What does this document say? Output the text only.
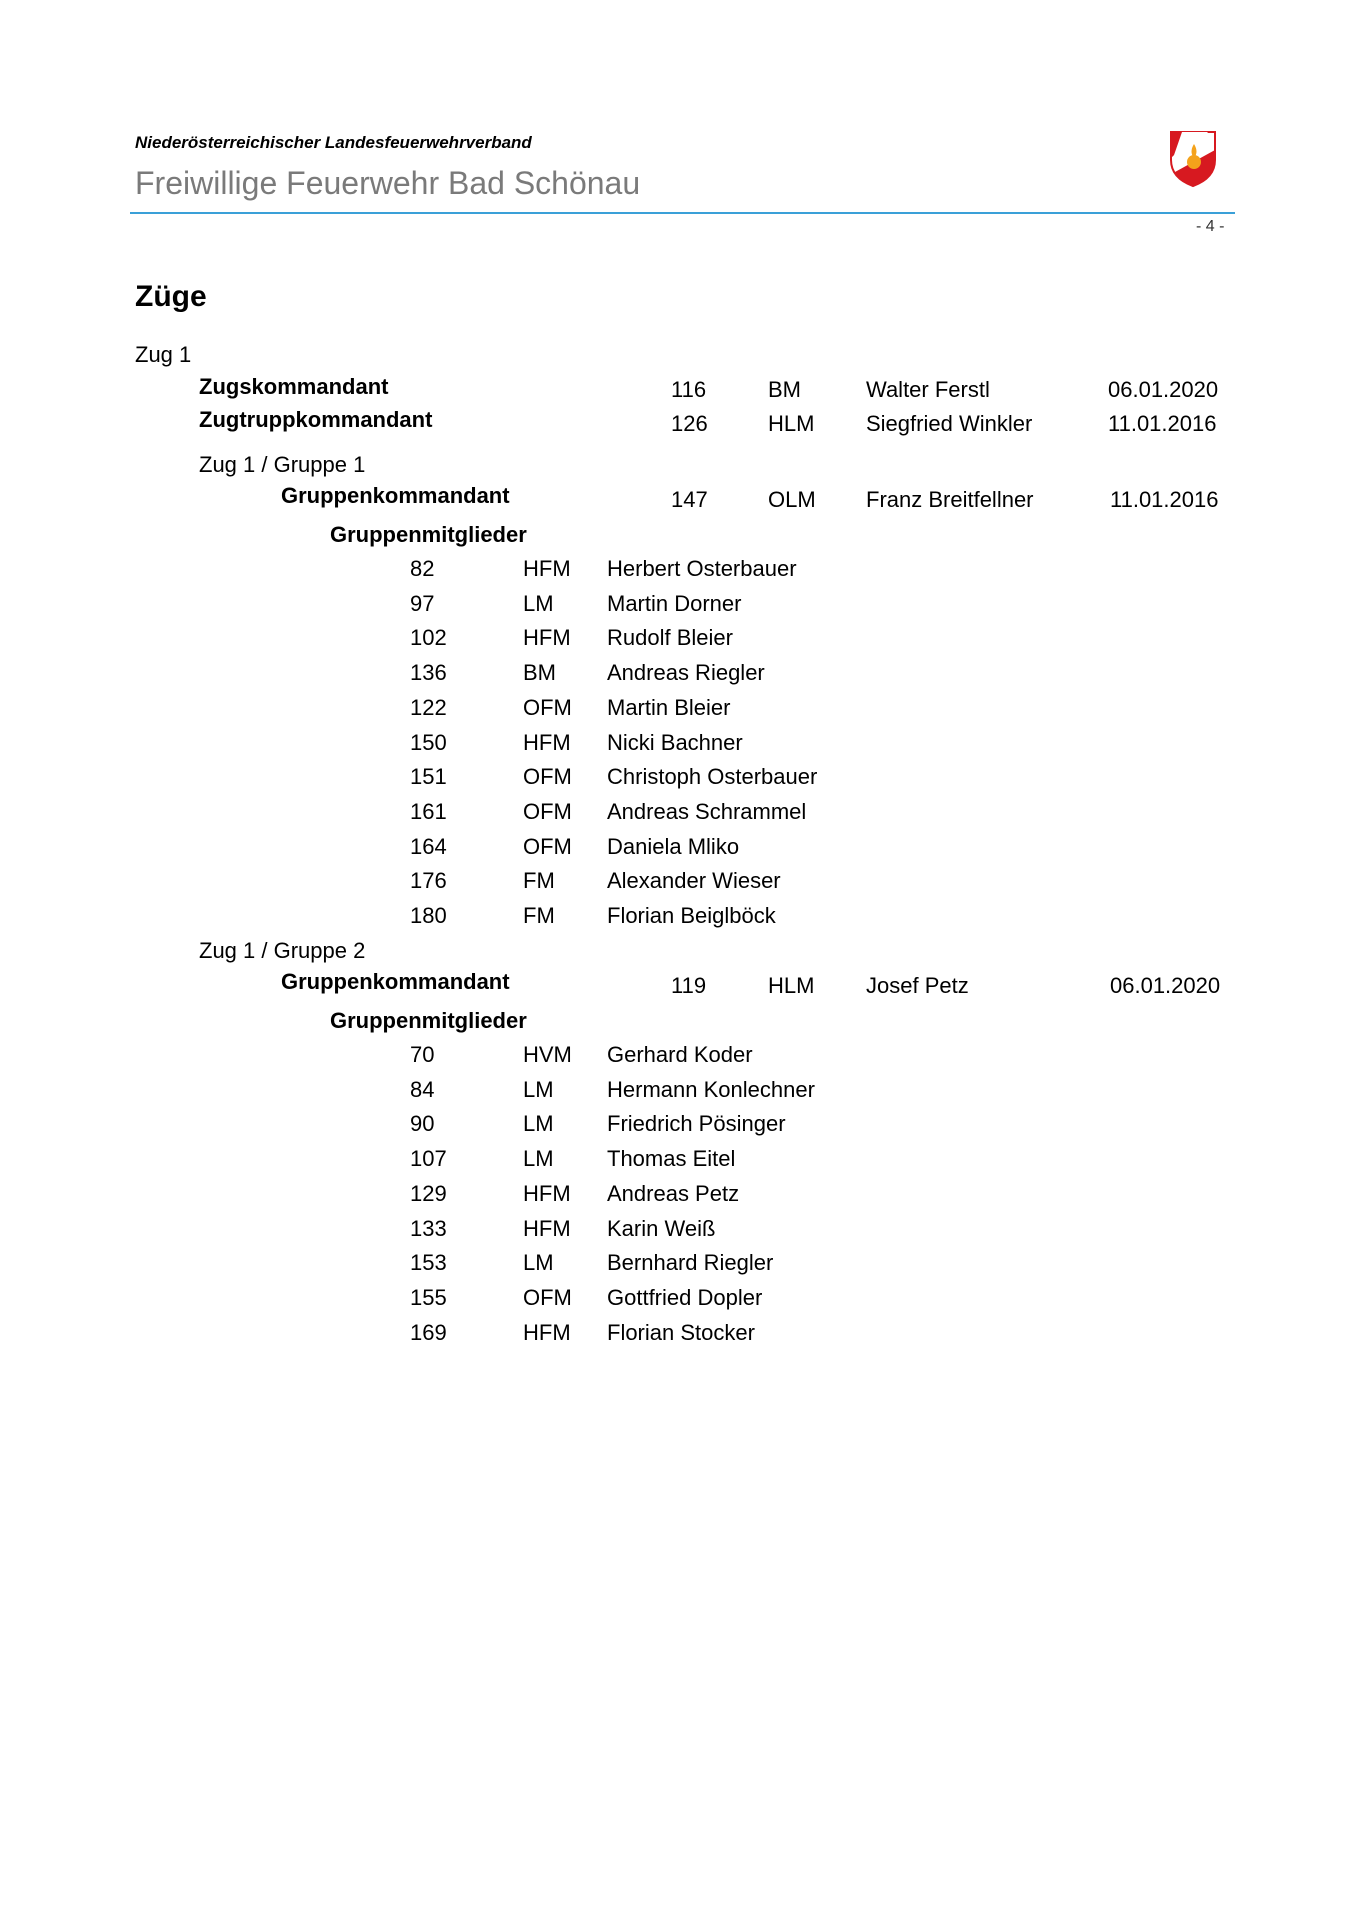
Niederösterreichischer Landesfeuerwehrverband
Freiwillige Feuerwehr Bad Schönau
- 4 -
Züge
Zug 1
Zugskommandant	116	BM	Walter Ferstl	06.01.2020
Zugtruppkommandant	126	HLM Siegfried Winkler	11.01.2016
Zug 1 / Gruppe 1
Gruppenkommandant	147	OLM Franz Breitfellner	11.01.2016
Gruppenmitglieder
82	HFM Herbert Osterbauer
97	LM Martin Dorner
102	HFM Rudolf Bleier
136	BM Andreas Riegler
122	OFM Martin Bleier
150	HFM Nicki Bachner
151	OFM Christoph Osterbauer
161	OFM Andreas Schrammel
164	OFM Daniela Mliko
176	FM Alexander Wieser
180	FM Florian Beiglböck
Zug 1 / Gruppe 2
Gruppenkommandant	119	HLM Josef Petz	06.01.2020
Gruppenmitglieder
70	HVM Gerhard Koder
84	LM Hermann Konlechner
90	LM Friedrich Pösinger
107	LM Thomas Eitel
129	HFM Andreas Petz
133	HFM Karin Weiß
153	LM Bernhard Riegler
155	OFM Gottfried Dopler
169	HFM Florian Stocker
